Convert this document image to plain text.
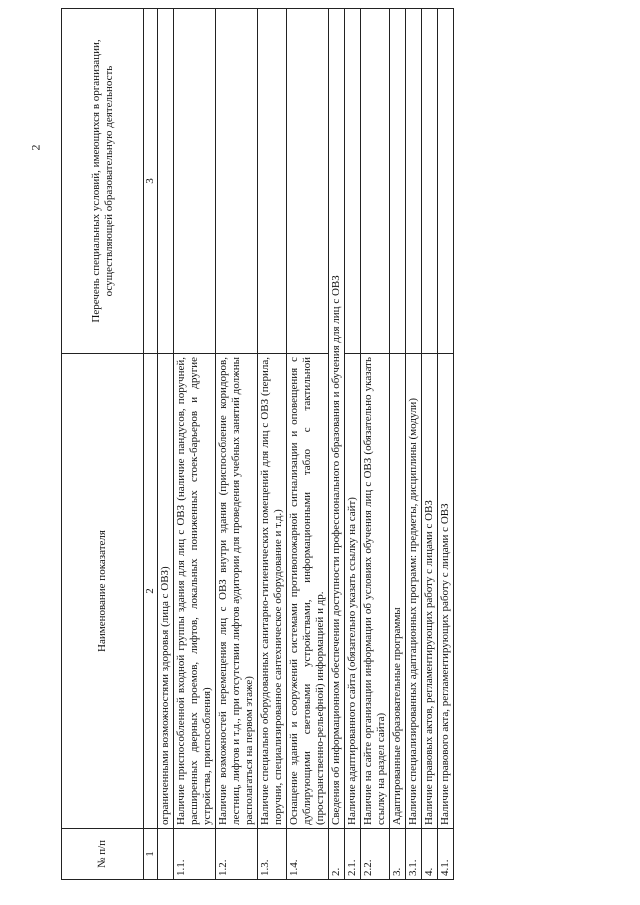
2
№ п/п	Наименование показателя	Перечень специальных условий, имеющихся в организации, осуществляющей образовательную деятельность
1	2	3
	ограниченными возможностями здоровья (лица с ОВЗ)	
1.1.	Наличие приспособленной входной группы здания для лиц с ОВЗ (наличие пандусов, поручней, расширенных дверных проемов, лифтов, локальных пониженных стоек-барьеров и другие устройства, приспособления)	
1.2.	Наличие возможностей перемещения лиц с ОВЗ внутри здания (приспособление коридоров, лестниц, лифтов и т.д., при отсутствии лифтов аудитории для проведения учебных занятий должны располагаться на первом этаже)	
1.3.	Наличие специально оборудованных санитарно-гигиенических помещений для лиц с ОВЗ (перила, поручни, специализированное сантехническое оборудование и т.д.)	
1.4.	Оснащение зданий и сооружений системами противопожарной сигнализации и оповещения с дублирующими световыми устройствами, информационными табло с тактильной (пространственно-рельефной) информацией и др.	
2.	Сведения об информационном обеспечении доступности профессионального образования и обучения для лиц с ОВЗ	
2.1.	Наличие адаптированного сайта (обязательно указать ссылку на сайт)	
2.2.	Наличие на сайте организации информации об условиях обучения лиц с ОВЗ (обязательно указать ссылку на раздел сайта)	
3.	Адаптированные образовательные программы	
3.1.	Наличие специализированных адаптационных программ: предметы, дисциплины (модули)	
4.	Наличие правовых актов, регламентирующих работу с лицами с ОВЗ	
4.1.	Наличие правового акта, регламентирующих работу с лицами с ОВЗ	
